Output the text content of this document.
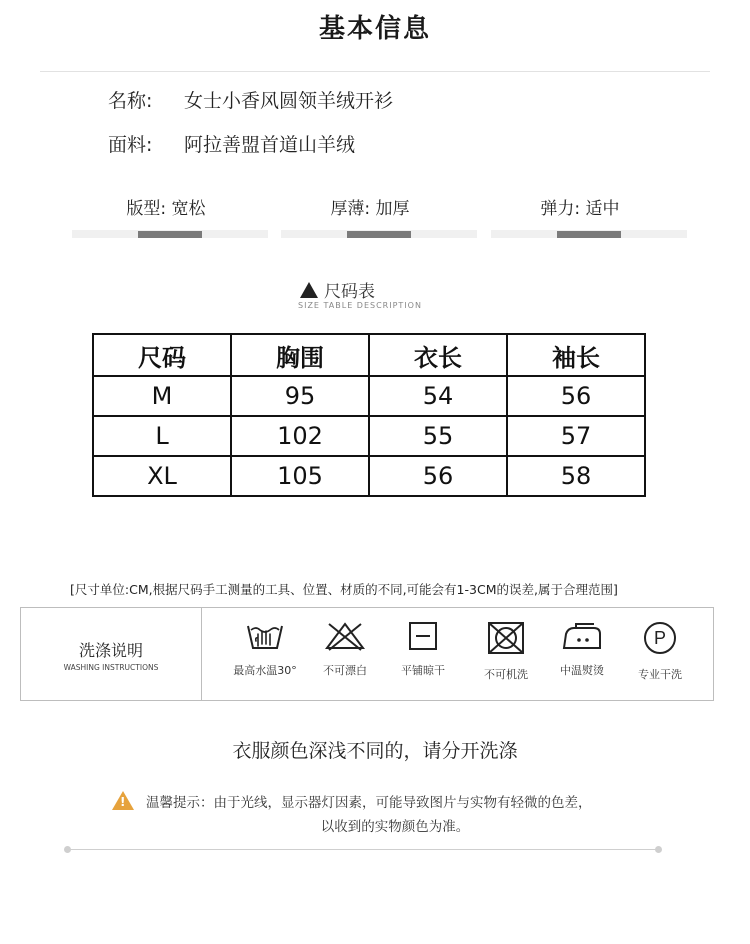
基本信息
名称: 女士小香风圆领羊绒开衫
面料: 阿拉善盟首道山羊绒
版型: 宽松	厚薄: 加厚	弹力: 适中
尺码表
SIZE TABLE DESCRIPTION
尺码	胸围	衣长	袖长
M	95	54	56
L	102	55	57
XL	105	56	58
[尺寸单位:CM,根据尺码手工测量的工具、位置、材质的不同,可能会有1-3CM的误差,属于合理范围]
洗涤说明
WASHING INSTRUCTIONS	最高水温30°	不可漂白	平铺晾干	不可机洗	中温熨烫
P
专业干洗
衣服颜色深浅不同的，请分开洗涤
! 温馨提示：由于光线，显示器灯因素，可能导致图片与实物有轻微的色差，
以收到的实物颜色为准。
